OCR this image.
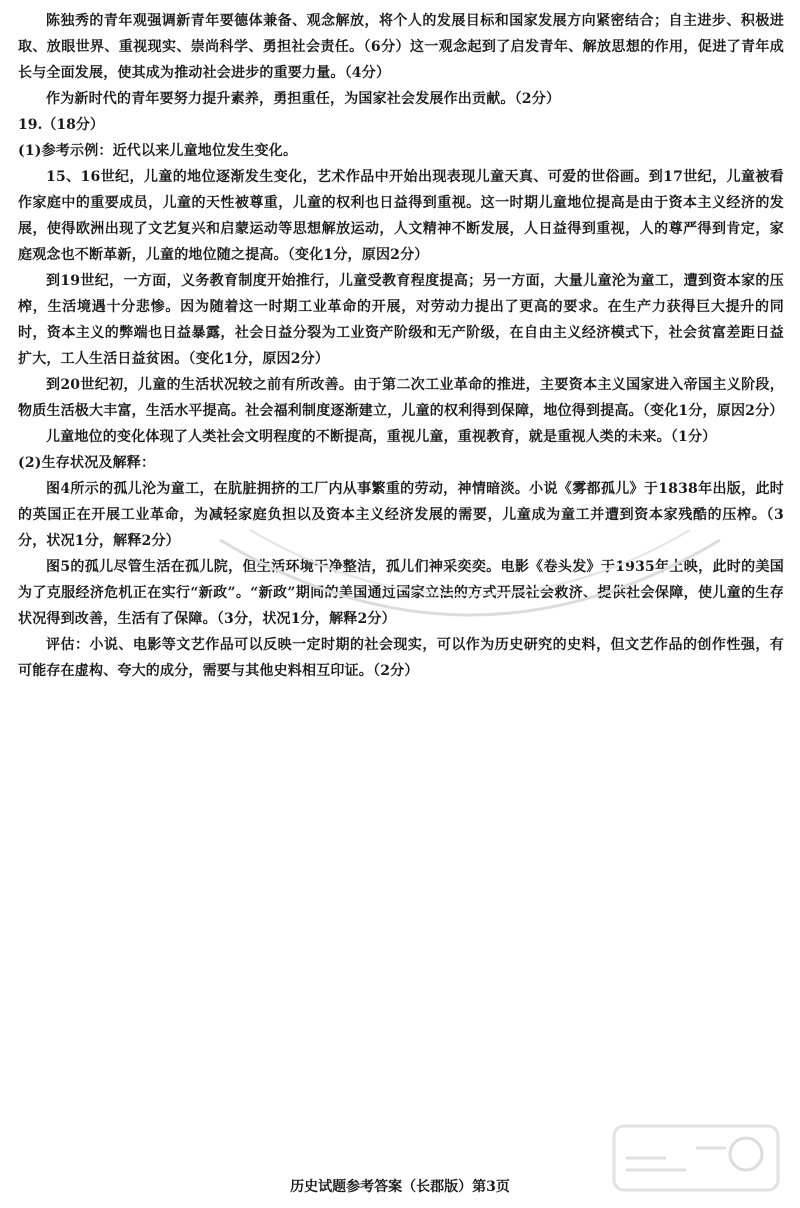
陈独秀的青年观强调新青年要德体兼备、观念解放，将个人的发展目标和国家发展方向紧密结合；自主进步、积极进取、放眼世界、重视现实、崇尚科学、勇担社会责任。（6分）这一观念起到了启发青年、解放思想的作用，促进了青年成长与全面发展，使其成为推动社会进步的重要力量。（4分）

作为新时代的青年要努力提升素养，勇担重任，为国家社会发展作出贡献。（2分）

19.（18分）

(1)参考示例：近代以来儿童地位发生变化。

15、16世纪，儿童的地位逐渐发生变化，艺术作品中开始出现表现儿童天真、可爱的世俗画。到17世纪，儿童被看作家庭中的重要成员，儿童的天性被尊重，儿童的权利也日益得到重视。这一时期儿童地位提高是由于资本主义经济的发展，使得欧洲出现了文艺复兴和启蒙运动等思想解放运动，人文精神不断发展，人日益得到重视，人的尊严得到肯定，家庭观念也不断革新，儿童的地位随之提高。（变化1分，原因2分）

到19世纪，一方面，义务教育制度开始推行，儿童受教育程度提高；另一方面，大量儿童沦为童工，遭到资本家的压榨，生活境遇十分悲惨。因为随着这一时期工业革命的开展，对劳动力提出了更高的要求。在生产力获得巨大提升的同时，资本主义的弊端也日益暴露，社会日益分裂为工业资产阶级和无产阶级，在自由主义经济模式下，社会贫富差距日益扩大，工人生活日益贫困。（变化1分，原因2分）

到20世纪初，儿童的生活状况较之前有所改善。由于第二次工业革命的推进，主要资本主义国家进入帝国主义阶段，物质生活极大丰富，生活水平提高。社会福利制度逐渐建立，儿童的权利得到保障，地位得到提高。（变化1分，原因2分）

儿童地位的变化体现了人类社会文明程度的不断提高，重视儿童，重视教育，就是重视人类的未来。（1分）

(2)生存状况及解释：

图4所示的孤儿沦为童工，在肮脏拥挤的工厂内从事繁重的劳动，神情暗淡。小说《雾都孤儿》于1838年出版，此时的英国正在开展工业革命，为减轻家庭负担以及资本主义经济发展的需要，儿童成为童工并遭到资本家残酷的压榨。（3分，状况1分，解释2分）

图5的孤儿尽管生活在孤儿院，但生活环境干净整洁，孤儿们神采奕奕。电影《卷头发》于1935年上映，此时的美国为了克服经济危机正在实行“新政”。“新政”期间的美国通过国家立法的方式开展社会救济、提供社会保障，使儿童的生存状况得到改善，生活有了保障。（3分，状况1分，解释2分）

评估：小说、电影等文艺作品可以反映一定时期的社会现实，可以作为历史研究的史料，但文艺作品的创作性强，有可能存在虚构、夸大的成分，需要与其他史料相互印证。（2分）

历史试题参考答案（长郡版）第3页
